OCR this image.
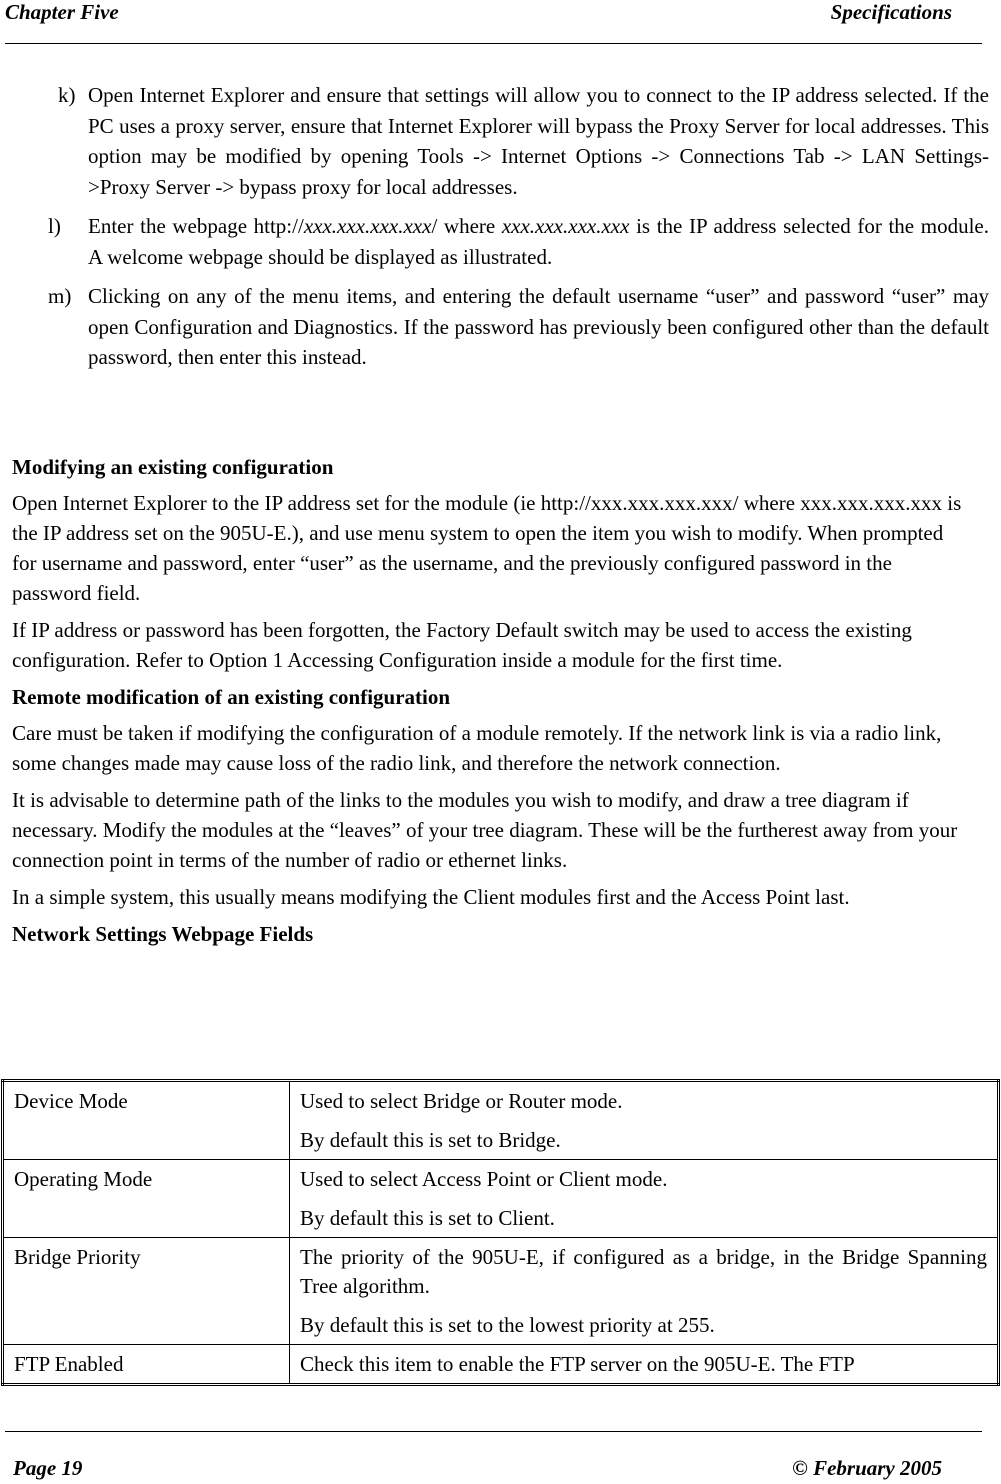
Chapter Five	Specifications
k) Open Internet Explorer and ensure that settings will allow you to connect to the IP address selected. If the PC uses a proxy server, ensure that Internet Explorer will bypass the Proxy Server for local addresses. This option may be modified by opening Tools -> Internet Options -> Connections Tab -> LAN Settings->Proxy Server -> bypass proxy for local addresses.
l) Enter the webpage http://xxx.xxx.xxx.xxx/ where xxx.xxx.xxx.xxx is the IP address selected for the module. A welcome webpage should be displayed as illustrated.
m) Clicking on any of the menu items, and entering the default username “user” and password “user” may open Configuration and Diagnostics. If the password has previously been configured other than the default password, then enter this instead.
Modifying an existing configuration

Open Internet Explorer to the IP address set for the module (ie http://xxx.xxx.xxx.xxx/ where xxx.xxx.xxx.xxx is the IP address set on the 905U-E.), and use menu system to open the item you wish to modify. When prompted for username and password, enter “user” as the username, and the previously configured password in the password field.

If IP address or password has been forgotten, the Factory Default switch may be used to access the existing configuration. Refer to Option 1 Accessing Configuration inside a module for the first time.

Remote modification of an existing configuration

Care must be taken if modifying the configuration of a module remotely. If the network link is via a radio link, some changes made may cause loss of the radio link, and therefore the network connection.

It is advisable to determine path of the links to the modules you wish to modify, and draw a tree diagram if necessary. Modify the modules at the “leaves” of your tree diagram. These will be the furtherest away from your connection point in terms of the number of radio or ethernet links.

In a simple system, this usually means modifying the Client modules first and the Access Point last.

Network Settings Webpage Fields
Device Mode	Used to select Bridge or Router mode.
By default this is set to Bridge.

Operating Mode	Used to select Access Point or Client mode.
By default this is set to Client.

Bridge Priority	The priority of the 905U-E, if configured as a bridge, in the Bridge Spanning Tree algorithm.
By default this is set to the lowest priority at 255.

FTP Enabled	Check this item to enable the FTP server on the 905U-E. The FTP
Page 19	© February 2005
